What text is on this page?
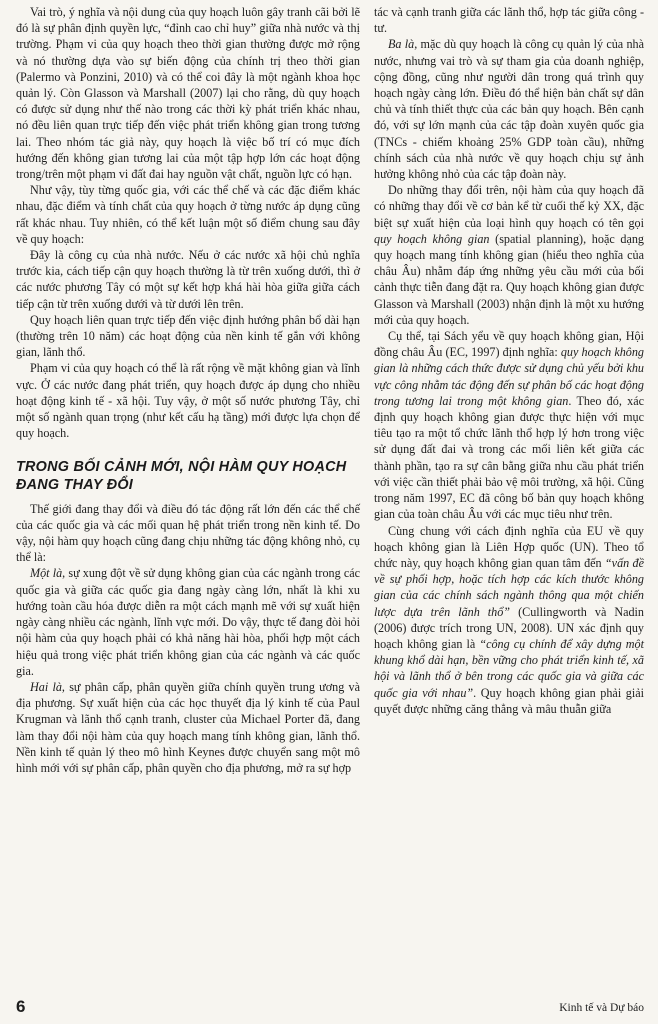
Vai trò, ý nghĩa và nội dung của quy hoạch luôn gây tranh cãi bởi lẽ đó là sự phân định quyền lực, “đỉnh cao chỉ huy” giữa nhà nước và thị trường. Phạm vi của quy hoạch theo thời gian thường được mở rộng và nó thường dựa vào sự biến động của chính trị theo thời gian (Palermo và Ponzini, 2010) và có thể coi đây là một ngành khoa học quản lý. Còn Glasson và Marshall (2007) lại cho rằng, dù quy hoạch có được sử dụng như thế nào trong các thời kỳ phát triển khác nhau, nó đều liên quan trực tiếp đến việc phát triển không gian trong tương lai. Theo nhóm tác giả này, quy hoạch là việc bố trí có mục đích hướng đến không gian tương lai của một tập hợp lớn các hoạt động trong/trên một phạm vi đất đai hay nguồn vật chất, nguồn lực có hạn.

Như vậy, tùy từng quốc gia, với các thể chế và các đặc điểm khác nhau, đặc điểm và tính chất của quy hoạch ở từng nước áp dụng cũng rất khác nhau. Tuy nhiên, có thể kết luận một số điểm chung sau đây về quy hoạch:

Đây là công cụ của nhà nước. Nếu ở các nước xã hội chủ nghĩa trước kia, cách tiếp cận quy hoạch thường là từ trên xuống dưới, thì ở các nước phương Tây có một sự kết hợp khá hài hòa giữa giữa cách tiếp cận từ trên xuống dưới và từ dưới lên trên.

Quy hoạch liên quan trực tiếp đến việc định hướng phân bổ dài hạn (thường trên 10 năm) các hoạt động của nền kinh tế gắn với không gian, lãnh thổ.

Phạm vi của quy hoạch có thể là rất rộng về mặt không gian và lĩnh vực. Ở các nước đang phát triển, quy hoạch được áp dụng cho nhiều hoạt động kinh tế - xã hội. Tuy vậy, ở một số nước phương Tây, chỉ một số ngành quan trọng (như kết cấu hạ tầng) mới được lựa chọn để quy hoạch.

TRONG BỐI CẢNH MỚI, NỘI HÀM QUY HOẠCH ĐANG THAY ĐỔI

Thế giới đang thay đổi và điều đó tác động rất lớn đến các thể chế của các quốc gia và các mối quan hệ phát triển trong nền kinh tế. Do vậy, nội hàm quy hoạch cũng đang chịu những tác động không nhỏ, cụ thể là:

Một là, sự xung đột về sử dụng không gian của các ngành trong các quốc gia và giữa các quốc gia đang ngày càng lớn, nhất là khi xu hướng toàn cầu hóa được diễn ra một cách mạnh mẽ với sự xuất hiện ngày càng nhiều các ngành, lĩnh vực mới. Do vậy, thực tế đang đòi hỏi nội hàm của quy hoạch phải có khả năng hài hòa, phối hợp một cách hiệu quả trong việc phát triển không gian của các ngành và các quốc gia.

Hai là, sự phân cấp, phân quyền giữa chính quyền trung ương và địa phương. Sự xuất hiện của các học thuyết địa lý kinh tế của Paul Krugman và lãnh thổ cạnh tranh, cluster của Michael Porter đã, đang làm thay đổi nội hàm của quy hoạch mang tính không gian, lãnh thổ. Nền kinh tế quản lý theo mô hình Keynes được chuyển sang một mô hình mới với sự phân cấp, phân quyền cho địa phương, mở ra sự hợp

tác và cạnh tranh giữa các lãnh thổ, hợp tác giữa công - tư.

Ba là, mặc dù quy hoạch là công cụ quản lý của nhà nước, nhưng vai trò và sự tham gia của doanh nghiệp, cộng đồng, cũng như người dân trong quá trình quy hoạch ngày càng lớn. Điều đó thể hiện bản chất sự dân chủ và tính thiết thực của các bản quy hoạch. Bên cạnh đó, với sự lớn mạnh của các tập đoàn xuyên quốc gia (TNCs - chiếm khoảng 25% GDP toàn cầu), những chính sách của nhà nước về quy hoạch chịu sự ảnh hưởng không nhỏ của các tập đoàn này.

Do những thay đổi trên, nội hàm của quy hoạch đã có những thay đổi về cơ bản kể từ cuối thế kỷ XX, đặc biệt sự xuất hiện của loại hình quy hoạch có tên gọi quy hoạch không gian (spatial planning), hoặc dạng quy hoạch mang tính không gian (hiểu theo nghĩa của châu Âu) nhằm đáp ứng những yêu cầu mới của bối cảnh thực tiễn đang đặt ra. Quy hoạch không gian được Glasson và Marshall (2003) nhận định là một xu hướng mới của quy hoạch.

Cụ thể, tại Sách yểu về quy hoạch không gian, Hội đồng châu Âu (EC, 1997) định nghĩa: quy hoạch không gian là những cách thức được sử dụng chủ yếu bởi khu vực công nhằm tác động đến sự phân bố các hoạt động trong tương lai trong một không gian. Theo đó, xác định quy hoạch không gian được thực hiện với mục tiêu tạo ra một tổ chức lãnh thổ hợp lý hơn trong việc sử dụng đất đai và trong các mối liên kết giữa các thành phần, tạo ra sự cân bằng giữa nhu cầu phát triển với việc cần thiết phải bảo vệ môi trường, xã hội. Cũng trong năm 1997, EC đã công bố bản quy hoạch không gian của toàn châu Âu với các mục tiêu như trên.

Cùng chung với cách định nghĩa của EU về quy hoạch không gian là Liên Hợp quốc (UN). Theo tổ chức này, quy hoạch không gian quan tâm đến “vấn đề về sự phối hợp, hoặc tích hợp các kích thước không gian của các chính sách ngành thông qua một chiến lược dựa trên lãnh thổ” (Cullingworth và Nadin (2006) được trích trong UN, 2008). UN xác định quy hoạch không gian là “công cụ chính để xây dựng một khung khổ dài hạn, bền vững cho phát triển kinh tế, xã hội và lãnh thổ ở bên trong các quốc gia và giữa các quốc gia với nhau”. Quy hoạch không gian phải giải quyết được những căng thẳng và mâu thuẫn giữa

6	Kinh tế và Dự báo
